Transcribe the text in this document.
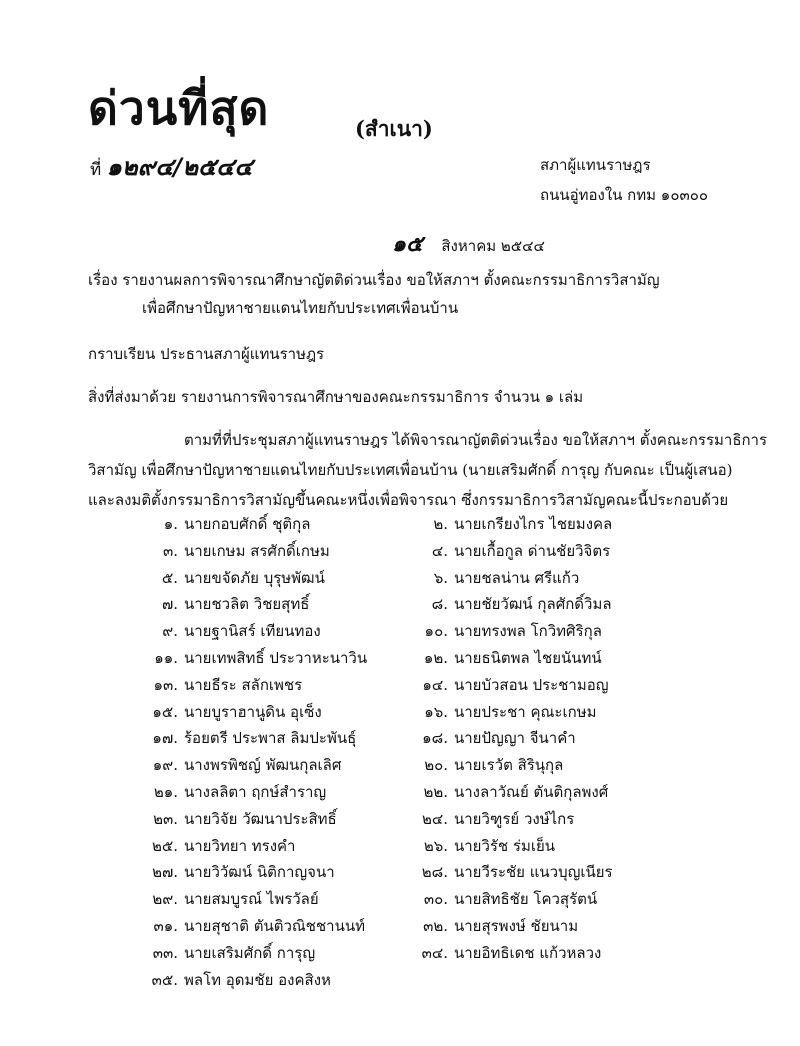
ด่วนที่สุด	(สำเนา)
ที่ ๑๒๙๔/๒๕๔๔	สภาผู้แทนราษฎร
ถนนอู่ทองใน กทม ๑๐๓๐๐
๑๕ สิงหาคม ๒๕๔๔
เรื่อง รายงานผลการพิจารณาศึกษาญัตติด่วนเรื่อง ขอให้สภาฯ ตั้งคณะกรรมาธิการวิสามัญ
เพื่อศึกษาปัญหาชายแดนไทยกับประเทศเพื่อนบ้าน
กราบเรียน ประธานสภาผู้แทนราษฎร
สิ่งที่ส่งมาด้วย รายงานการพิจารณาศึกษาของคณะกรรมาธิการ จำนวน ๑ เล่ม
ตามที่ที่ประชุมสภาผู้แทนราษฎร ได้พิจารณาญัตติด่วนเรื่อง ขอให้สภาฯ ตั้งคณะกรรมาธิการ
วิสามัญ เพื่อศึกษาปัญหาชายแดนไทยกับประเทศเพื่อนบ้าน (นายเสริมศักดิ์ การุญ กับคณะ เป็นผู้เสนอ)
และลงมติตั้งกรรมาธิการวิสามัญขึ้นคณะหนึ่งเพื่อพิจารณา ซึ่งกรรมาธิการวิสามัญคณะนี้ประกอบด้วย
๑. นายกอบศักดิ์ ชุติกุล	๒. นายเกรียงไกร ไชยมงคล
๓. นายเกษม สรศักดิ์เกษม	๔. นายเกื้อกูล ด่านชัยวิจิตร
๕. นายขจัดภัย บุรุษพัฒน์	๖. นายชลน่าน ศรีแก้ว
๗. นายชวลิต วิชยสุทธิ์	๘. นายชัยวัฒน์ กุลศักดิ์วิมล
๙. นายฐานิสร์ เทียนทอง	๑๐. นายทรงพล โกวิทศิริกุล
๑๑. นายเทพสิทธิ์ ประวาหะนาวิน	๑๒. นายธนิตพล ไชยนันทน์
๑๓. นายธีระ สลักเพชร	๑๔. นายบัวสอน ประชามอญ
๑๕. นายบูราฮานูดิน อุเซ็ง	๑๖. นายประชา คุณะเกษม
๑๗. ร้อยตรี ประพาส ลิมปะพันธุ์	๑๘. นายปัญญา จีนาคำ
๑๙. นางพรพิชญ์ พัฒนกุลเลิศ	๒๐. นายเรวัต สิรินุกุล
๒๑. นางลลิตา ฤกษ์สำราญ	๒๒. นางลาวัณย์ ตันติกุลพงศ์
๒๓. นายวิจัย วัฒนาประสิทธิ์	๒๔. นายวิฑูรย์ วงษ์ไกร
๒๕. นายวิทยา ทรงคำ	๒๖. นายวิรัช ร่มเย็น
๒๗. นายวิวัฒน์ นิติกาญจนา	๒๘. นายวีระชัย แนวบุญเนียร
๒๙. นายสมบูรณ์ ไพรวัลย์	๓๐. นายสิทธิชัย โควสุรัตน์
๓๑. นายสุชาติ ตันติวณิชชานนท์	๓๒. นายสุรพงษ์ ชัยนาม
๓๓. นายเสริมศักดิ์ การุญ	๓๔. นายอิทธิเดช แก้วหลวง
๓๕. พลโท อุดมชัย องคสิงห
